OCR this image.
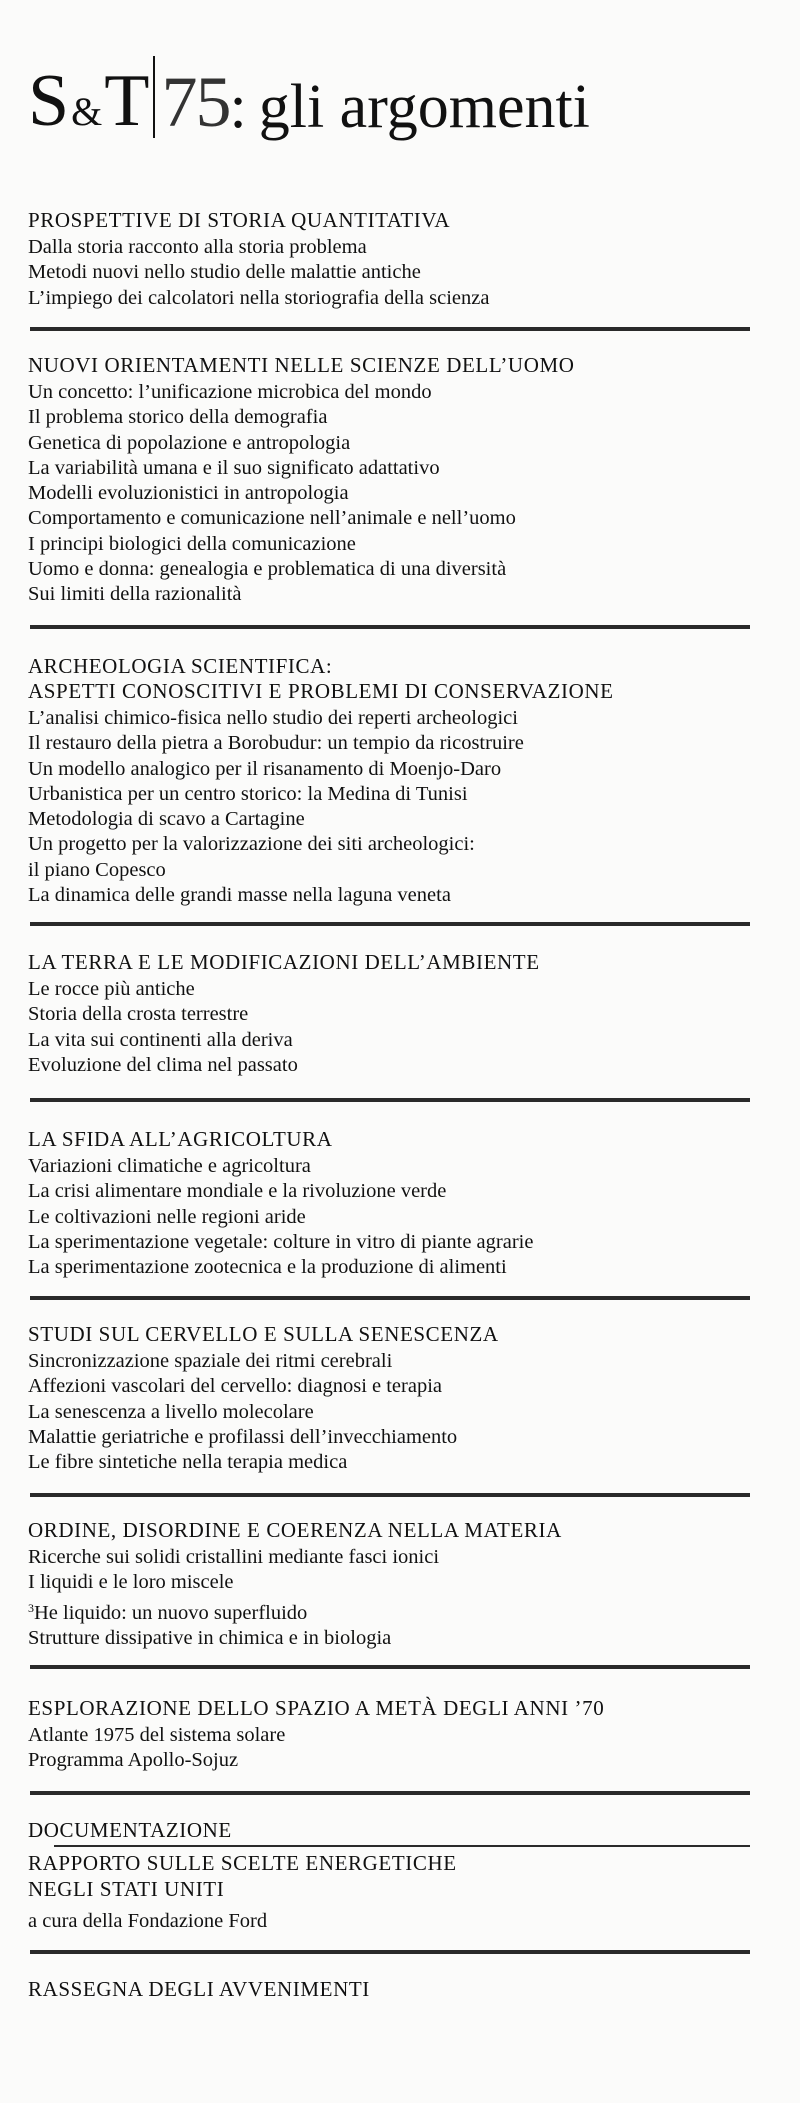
S & T 75 : gli argomenti
PROSPETTIVE DI STORIA QUANTITATIVA
Dalla storia racconto alla storia problema
Metodi nuovi nello studio delle malattie antiche
L’impiego dei calcolatori nella storiografia della scienza
NUOVI ORIENTAMENTI NELLE SCIENZE DELL’UOMO
Un concetto: l’unificazione microbica del mondo
Il problema storico della demografia
Genetica di popolazione e antropologia
La variabilità umana e il suo significato adattativo
Modelli evoluzionistici in antropologia
Comportamento e comunicazione nell’animale e nell’uomo
I principi biologici della comunicazione
Uomo e donna: genealogia e problematica di una diversità
Sui limiti della razionalità
ARCHEOLOGIA SCIENTIFICA:
ASPETTI CONOSCITIVI E PROBLEMI DI CONSERVAZIONE
L’analisi chimico-fisica nello studio dei reperti archeologici
Il restauro della pietra a Borobudur: un tempio da ricostruire
Un modello analogico per il risanamento di Moenjo-Daro
Urbanistica per un centro storico: la Medina di Tunisi
Metodologia di scavo a Cartagine
Un progetto per la valorizzazione dei siti archeologici:
il piano Copesco
La dinamica delle grandi masse nella laguna veneta
LA TERRA E LE MODIFICAZIONI DELL’AMBIENTE
Le rocce più antiche
Storia della crosta terrestre
La vita sui continenti alla deriva
Evoluzione del clima nel passato
LA SFIDA ALL’AGRICOLTURA
Variazioni climatiche e agricoltura
La crisi alimentare mondiale e la rivoluzione verde
Le coltivazioni nelle regioni aride
La sperimentazione vegetale: colture in vitro di piante agrarie
La sperimentazione zootecnica e la produzione di alimenti
STUDI SUL CERVELLO E SULLA SENESCENZA
Sincronizzazione spaziale dei ritmi cerebrali
Affezioni vascolari del cervello: diagnosi e terapia
La senescenza a livello molecolare
Malattie geriatriche e profilassi dell’invecchiamento
Le fibre sintetiche nella terapia medica
ORDINE, DISORDINE E COERENZA NELLA MATERIA
Ricerche sui solidi cristallini mediante fasci ionici
I liquidi e le loro miscele
$^3$He liquido: un nuovo superfluido
Strutture dissipative in chimica e in biologia
ESPLORAZIONE DELLO SPAZIO A METÀ DEGLI ANNI ’70
Atlante 1975 del sistema solare
Programma Apollo-Sojuz
DOCUMENTAZIONE
RAPPORTO SULLE SCELTE ENERGETICHE
NEGLI STATI UNITI
a cura della Fondazione Ford
RASSEGNA DEGLI AVVENIMENTI
